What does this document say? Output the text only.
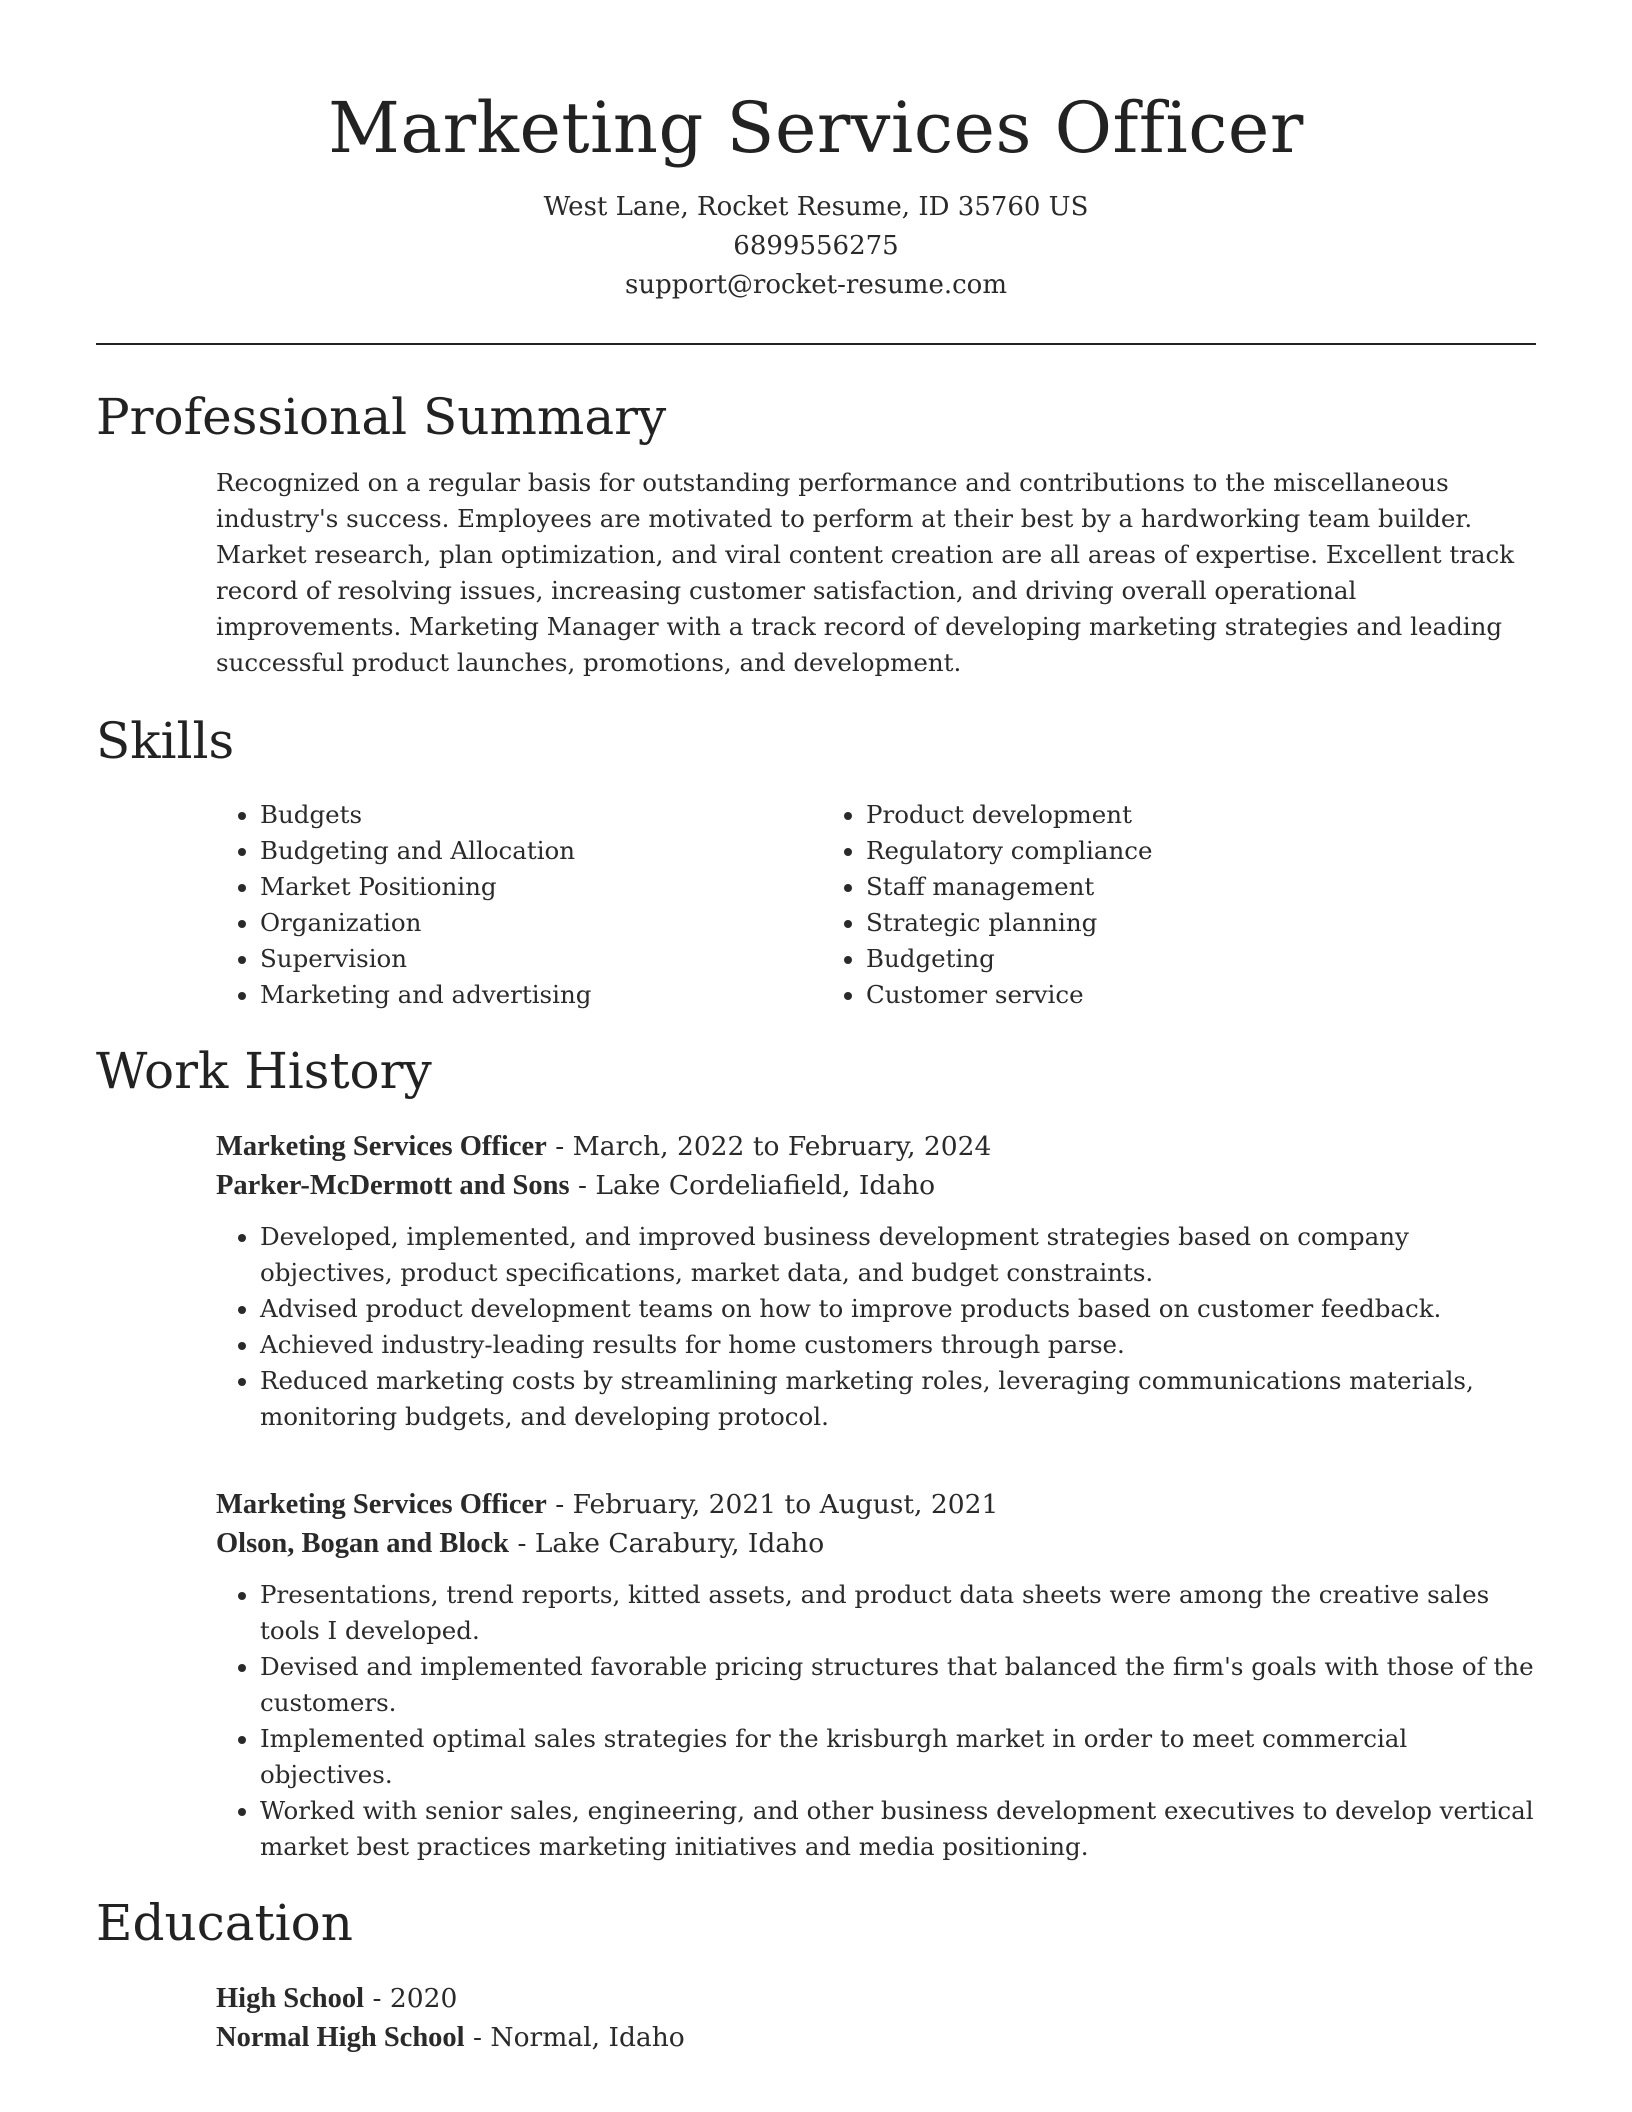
Marketing Services Officer
West Lane, Rocket Resume, ID 35760 US
6899556275
support@rocket-resume.com
Professional Summary
Recognized on a regular basis for outstanding performance and contributions to the miscellaneous industry's success. Employees are motivated to perform at their best by a hardworking team builder. Market research, plan optimization, and viral content creation are all areas of expertise. Excellent track record of resolving issues, increasing customer satisfaction, and driving overall operational improvements. Marketing Manager with a track record of developing marketing strategies and leading successful product launches, promotions, and development.
Skills
• Budgets
• Budgeting and Allocation
• Market Positioning
• Organization
• Supervision
• Marketing and advertising
• Product development
• Regulatory compliance
• Staff management
• Strategic planning
• Budgeting
• Customer service
Work History
Marketing Services Officer - March, 2022 to February, 2024
Parker-McDermott and Sons - Lake Cordeliafield, Idaho
• Developed, implemented, and improved business development strategies based on company objectives, product specifications, market data, and budget constraints.
• Advised product development teams on how to improve products based on customer feedback.
• Achieved industry-leading results for home customers through parse.
• Reduced marketing costs by streamlining marketing roles, leveraging communications materials, monitoring budgets, and developing protocol.
Marketing Services Officer - February, 2021 to August, 2021
Olson, Bogan and Block - Lake Carabury, Idaho
• Presentations, trend reports, kitted assets, and product data sheets were among the creative sales tools I developed.
• Devised and implemented favorable pricing structures that balanced the firm's goals with those of the customers.
• Implemented optimal sales strategies for the krisburgh market in order to meet commercial objectives.
• Worked with senior sales, engineering, and other business development executives to develop vertical market best practices marketing initiatives and media positioning.
Education
High School - 2020
Normal High School - Normal, Idaho
